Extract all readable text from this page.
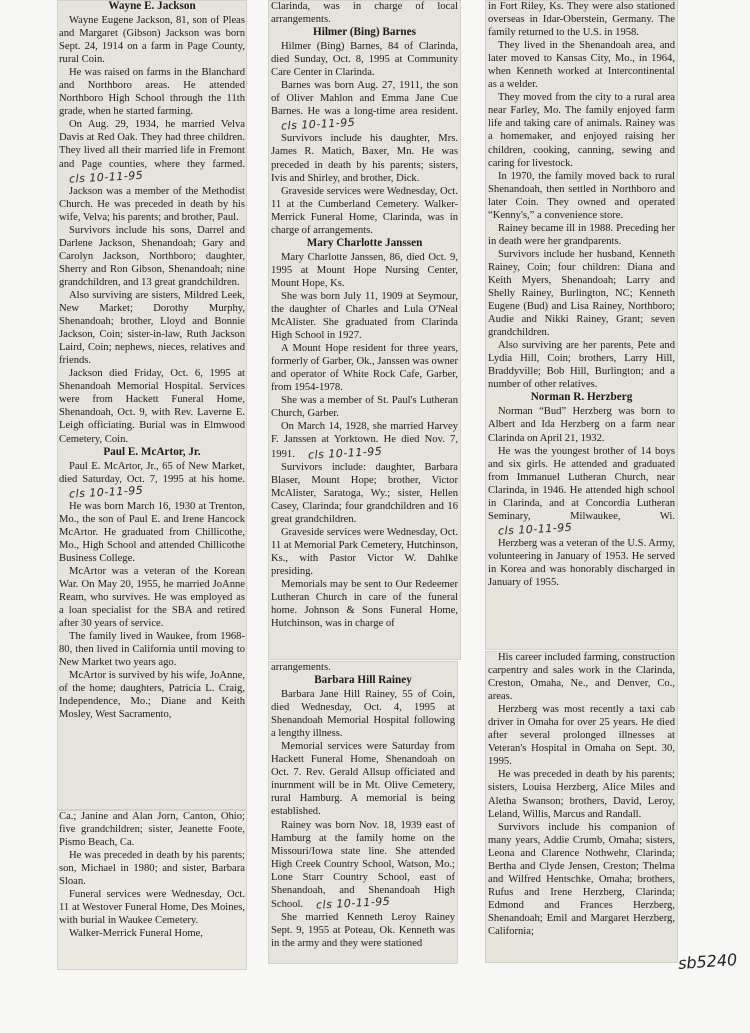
Wayne E. Jackson

Wayne Eugene Jackson, 81, son of Pleas and Margaret (Gibson) Jackson was born Sept. 24, 1914 on a farm in Page County, rural Coin.

He was raised on farms in the Blanchard and Northboro areas. He attended Northboro High School through the 11th grade, when he started farming.

On Aug. 29, 1934, he married Velva Davis at Red Oak. They had three children. They lived all their married life in Fremont and Page counties, where they farmed. cls 10-11-95

Jackson was a member of the Methodist Church. He was preceded in death by his wife, Velva; his parents; and brother, Paul.

Survivors include his sons, Darrel and Darlene Jackson, Shenandoah; Gary and Carolyn Jackson, Northboro; daughter, Sherry and Ron Gibson, Shenandoah; nine grandchildren, and 13 great grandchildren.

Also surviving are sisters, Mildred Leek, New Market; Dorothy Murphy, Shenandoah; brother, Lloyd and Bonnie Jackson, Coin; sister-in-law, Ruth Jackson Laird, Coin; nephews, nieces, relatives and friends.

Jackson died Friday, Oct. 6, 1995 at Shenandoah Memorial Hospital. Services were from Hackett Funeral Home, Shenandoah, Oct. 9, with Rev. Laverne E. Leigh officiating. Burial was in Elmwood Cemetery, Coin.

Paul E. McArtor, Jr.

Paul E. McArtor, Jr., 65 of New Market, died Saturday, Oct. 7, 1995 at his home. cls 10-11-95

He was born March 16, 1930 at Trenton, Mo., the son of Paul E. and Irene Hancock McArtor. He graduated from Chillicothe, Mo., High School and attended Chillicothe Business College.

McArtor was a veteran of the Korean War. On May 20, 1955, he married JoAnne Ream, who survives. He was employed as a loan specialist for the SBA and retired after 30 years of service.

The family lived in Waukee, from 1968-80, then lived in California until moving to New Market two years ago.

McArtor is survived by his wife, JoAnne, of the home; daughters, Patricia L. Craig, Independence, Mo.; Diane and Keith Mosley, West Sacramento,

Ca.; Janine and Alan Jorn, Canton, Ohio; five grandchildren; sister, Jeanette Foote, Pismo Beach, Ca.

He was preceded in death by his parents; son, Michael in 1980; and sister, Barbara Sloan.

Funeral services were Wednesday, Oct. 11 at Westover Funeral Home, Des Moines, with burial in Waukee Cemetery.

Walker-Merrick Funeral Home,

Clarinda, was in charge of local arrangements.

Hilmer (Bing) Barnes

Hilmer (Bing) Barnes, 84 of Clarinda, died Sunday, Oct. 8, 1995 at Community Care Center in Clarinda.

Barnes was born Aug. 27, 1911, the son of Oliver Mahlon and Emma Jane Cue Barnes. He was a long-time area resident. cls 10-11-95

Survivors include his daughter, Mrs. James R. Matich, Baxer, Mn. He was preceded in death by his parents; sisters, Ivis and Shirley, and brother, Dick.

Graveside services were Wednesday, Oct. 11 at the Cumberland Cemetery. Walker-Merrick Funeral Home, Clarinda, was in charge of arrangements.

Mary Charlotte Janssen

Mary Charlotte Janssen, 86, died Oct. 9, 1995 at Mount Hope Nursing Center, Mount Hope, Ks.

She was born July 11, 1909 at Seymour, the daughter of Charles and Lula O'Neal McAlister. She graduated from Clarinda High School in 1927.

A Mount Hope resident for three years, formerly of Garber, Ok., Janssen was owner and operator of White Rock Cafe, Garber, from 1954-1978.

She was a member of St. Paul's Lutheran Church, Garber.

On March 14, 1928, she married Harvey F. Janssen at Yorktown. He died Nov. 7, 1991. cls 10-11-95

Survivors include: daughter, Barbara Blaser, Mount Hope; brother, Victor McAlister, Saratoga, Wy.; sister, Hellen Casey, Clarinda; four grandchildren and 16 great grandchildren.

Graveside services were Wednesday, Oct. 11 at Memorial Park Cemetery, Hutchinson, Ks., with Pastor Victor W. Dahlke presiding.

Memorials may be sent to Our Redeemer Lutheran Church in care of the funeral home. Johnson & Sons Funeral Home, Hutchinson, was in charge of

arrangements.

Barbara Hill Rainey

Barbara Jane Hill Rainey, 55 of Coin, died Wednesday, Oct. 4, 1995 at Shenandoah Memorial Hospital following a lengthy illness.

Memorial services were Saturday from Hackett Funeral Home, Shenandoah on Oct. 7. Rev. Gerald Allsup officiated and inurnment will be in Mt. Olive Cemetery, rural Hamburg. A memorial is being established.

Rainey was born Nov. 18, 1939 east of Hamburg at the family home on the Missouri/Iowa state line. She attended High Creek Country School, Watson, Mo.; Lone Starr Country School, east of Shenandoah, and Shenandoah High School. cls 10-11-95

She married Kenneth Leroy Rainey Sept. 9, 1955 at Poteau, Ok. Kenneth was in the army and they were stationed

in Fort Riley, Ks. They were also stationed overseas in Idar-Oberstein, Germany. The family returned to the U.S. in 1958.

They lived in the Shenandoah area, and later moved to Kansas City, Mo., in 1964, when Kenneth worked at Intercontinental as a welder.

They moved from the city to a rural area near Farley, Mo. The family enjoyed farm life and taking care of animals. Rainey was a homemaker, and enjoyed raising her children, cooking, canning, sewing and caring for livestock.

In 1970, the family moved back to rural Shenandoah, then settled in Northboro and later Coin. They owned and operated “Kenny's,” a convenience store.

Rainey became ill in 1988. Preceding her in death were her grandparents.

Survivors include her husband, Kenneth Rainey, Coin; four children: Diana and Keith Myers, Shenandoah; Larry and Shelly Rainey, Burlington, NC; Kenneth Eugene (Bud) and Lisa Rainey, Northboro; Audie and Nikki Rainey, Grant; seven grandchildren.

Also surviving are her parents, Pete and Lydia Hill, Coin; brothers, Larry Hill, Braddyville; Bob Hill, Burlington; and a number of other relatives.

Norman R. Herzberg

Norman “Bud” Herzberg was born to Albert and Ida Herzberg on a farm near Clarinda on April 21, 1932.

He was the youngest brother of 14 boys and six girls. He attended and graduated from Immanuel Lutheran Church, near Clarinda, in 1946. He attended high school in Clarinda, and at Concordia Lutheran Seminary, Milwaukee, Wi. cls 10-11-95

Herzberg was a veteran of the U.S. Army, volunteering in January of 1953. He served in Korea and was honorably discharged in January of 1955.

His career included farming, construction carpentry and sales work in the Clarinda, Creston, Omaha, Ne., and Denver, Co., areas.

Herzberg was most recently a taxi cab driver in Omaha for over 25 years. He died after several prolonged illnesses at Veteran's Hospital in Omaha on Sept. 30, 1995.

He was preceded in death by his parents; sisters, Louisa Herzberg, Alice Miles and Aletha Swanson; brothers, David, Leroy, Leland, Willis, Marcus and Randall.

Survivors include his companion of many years, Addie Crumb, Omaha; sisters, Leona and Clarence Nothwehr, Clarinda; Bertha and Clyde Jensen, Creston; Thelma and Wilfred Hentschke, Omaha; brothers, Rufus and Irene Herzberg, Clarinda; Edmond and Frances Herzberg, Shenandoah; Emil and Margaret Herzberg, California;

sb5240
